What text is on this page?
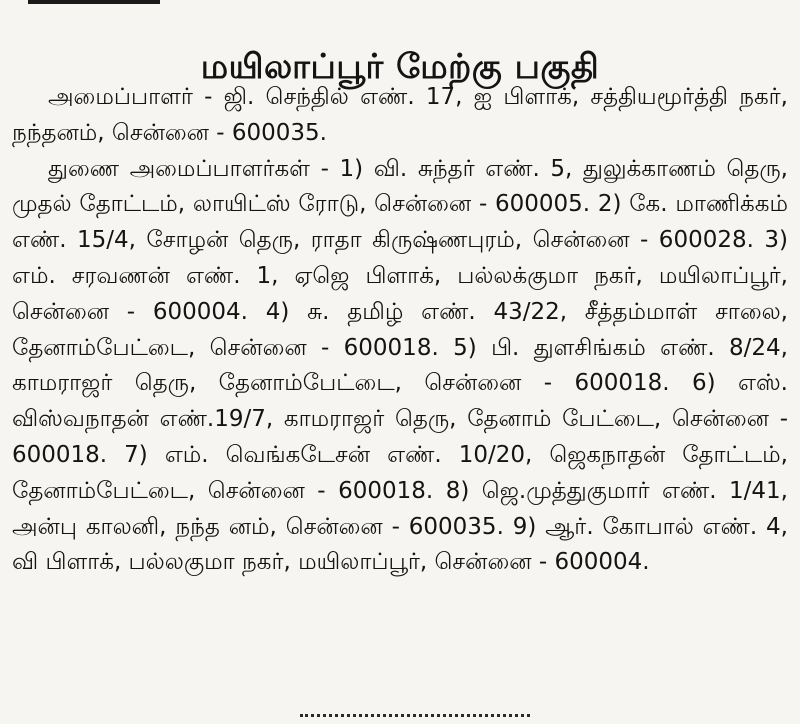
மயிலாப்பூர் மேற்கு பகுதி

அமைப்பாளர் - ஜி. செந்தில் எண். 17, ஐ பிளாக், சத்தியமூர்த்தி நகர், நந்தனம், சென்னை - 600035.

துணை அமைப்பாளர்கள் - 1) வி. சுந்தர் எண். 5, துலுக்காணம் தெரு, முதல் தோட்டம், லாயிட்ஸ் ரோடு, சென்னை - 600005. 2) கே. மாணிக்கம் எண். 15/4, சோழன் தெரு, ராதா கிருஷ்ணபுரம், சென்னை - 600028. 3) எம். சரவணன் எண். 1, ஏஜெ பிளாக், பல்லக்குமா நகர், மயிலாப்பூர், சென்னை - 600004. 4) சு. தமிழ் எண். 43/22, சீத்தம்மாள் சாலை, தேனாம்பேட்டை, சென்னை - 600018. 5) பி. துளசிங்கம் எண். 8/24, காமராஜர் தெரு, தேனாம்பேட்டை, சென்னை - 600018. 6) எஸ். விஸ்வநாதன் எண்.19/7, காமராஜர் தெரு, தேனாம் பேட்டை, சென்னை - 600018. 7) எம். வெங்கடேசன் எண். 10/20, ஜெகநாதன் தோட்டம், தேனாம்பேட்டை, சென்னை - 600018. 8) ஜெ.முத்துகுமார் எண். 1/41, அன்பு காலனி, நந்த னம், சென்னை - 600035. 9) ஆர். கோபால் எண். 4, வி பிளாக், பல்லகுமா நகர், மயிலாப்பூர், சென்னை - 600004.
